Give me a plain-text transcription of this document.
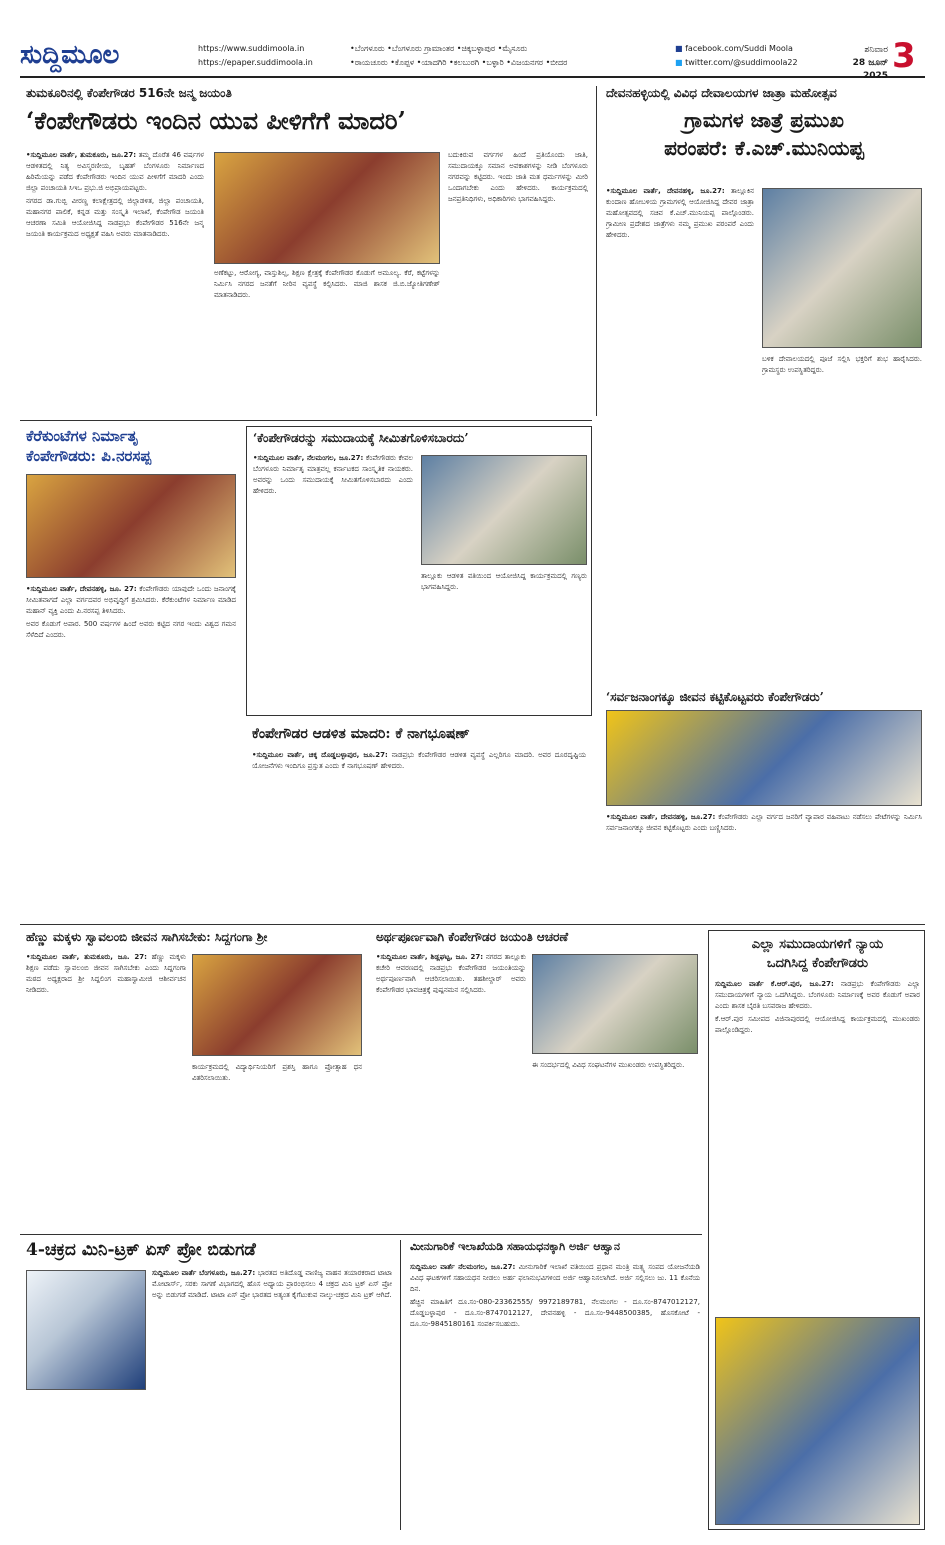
ಸುದ್ದಿಮೂಲ	https://www.suddimoola.in
https://epaper.suddimoola.in
•ಬೆಂಗಳೂರು •ಬೆಂಗಳೂರು ಗ್ರಾಮಾಂತರ •ಚಿಕ್ಕಬಳ್ಳಾಪುರ •ಮೈಸೂರು
•ರಾಯಚೂರು •ಕೊಪ್ಪಳ •ಯಾದಗಿರಿ •ಕಲಬುರಗಿ •ಬಳ್ಳಾರಿ •ವಿಜಯನಗರ •ಬೀದರ
■ facebook.com/Suddi Moola
■ twitter.com/@suddimoola22
ಶನಿವಾರ
28 ಜೂನ್ 2025 3
ತುಮಕೂರಿನಲ್ಲಿ ಕೆಂಪೇಗೌಡರ 516ನೇ ಜನ್ಮ ಜಯಂತಿ
‘ಕೆಂಪೇಗೌಡರು ಇಂದಿನ ಯುವ ಪೀಳಿಗೆಗೆ ಮಾದರಿ’

•ಸುದ್ದಿಮೂಲ ವಾರ್ತೆ, ತುಮಕೂರು, ಜೂ.27: ತಮ್ಮ ದೊರೆತ 46 ವರ್ಷಗಳ ಆಡಳಿತದಲ್ಲಿ ನಿತ್ಯ ಅವಿಸ್ಮರಣೀಯ, ಬೃಹತ್ ಬೆಂಗಳೂರು ನಿರ್ಮಾಣದ ಹಿರಿಮೆಯನ್ನು ಪಡೆದ ಕೆಂಪೇಗೌಡರು ಇಂದಿನ ಯುವ ಪೀಳಿಗೆಗೆ ಮಾದರಿ ಎಂದು ಜಿಲ್ಲಾ ಪಂಚಾಯತಿ ಸಿಇಒ ಪ್ರಭು.ಜಿ ಅಭಿಪ್ರಾಯಪಟ್ಟರು.

ನಗರದ ಡಾ.ಗುಬ್ಬಿ ವೀರಣ್ಣ ಕಲಾಕ್ಷೇತ್ರದಲ್ಲಿ ಜಿಲ್ಲಾಡಳಿತ, ಜಿಲ್ಲಾ ಪಂಚಾಯತಿ, ಮಹಾನಗರ ಪಾಲಿಕೆ, ಕನ್ನಡ ಮತ್ತು ಸಂಸ್ಕೃತಿ ಇಲಾಖೆ, ಕೆಂಪೇಗೌಡ ಜಯಂತಿ ಆಚರಣಾ ಸಮಿತಿ ಆಯೋಜಿಸಿದ್ದ ನಾಡಪ್ರಭು ಕೆಂಪೇಗೌಡರ 516ನೇ ಜನ್ಮ ಜಯಂತಿ ಕಾರ್ಯಕ್ರಮದ ಅಧ್ಯಕ್ಷತೆ ವಹಿಸಿ ಅವರು ಮಾತನಾಡಿದರು.

ಅಣೆಕಟ್ಟು, ಆರೋಗ್ಯ, ವಾಸ್ತುಶಿಲ್ಪ, ಶಿಕ್ಷಣ ಕ್ಷೇತ್ರಕ್ಕೆ ಕೆಂಪೇಗೌಡರ ಕೊಡುಗೆ ಅಮೂಲ್ಯ. ಕೆರೆ, ಕಟ್ಟೆಗಳನ್ನು ನಿರ್ಮಿಸಿ ನಗರದ ಜನತೆಗೆ ನೀರಿನ ವ್ಯವಸ್ಥೆ ಕಲ್ಪಿಸಿದರು. ಮಾಜಿ ಶಾಸಕ ಜಿ.ಬಿ.ಜ್ಯೋತಿಗಣೇಶ್ ಮಾತನಾಡಿದರು.

ಬದುಕಿರುವ ವರ್ಗಗಳ ಹಿಂದೆ ಪ್ರತಿಯೊಂದು ಜಾತಿ, ಸಮುದಾಯಕ್ಕೂ ಸಮಾನ ಅವಕಾಶಗಳನ್ನು ನೀಡಿ ಬೆಂಗಳೂರು ನಗರವನ್ನು ಕಟ್ಟಿದರು. ಇಂದು ಜಾತಿ ಮತ ಧರ್ಮಗಳನ್ನು ಮೀರಿ ಒಂದಾಗಬೇಕು ಎಂದು ಹೇಳಿದರು. ಕಾರ್ಯಕ್ರಮದಲ್ಲಿ ಜನಪ್ರತಿನಿಧಿಗಳು, ಅಧಿಕಾರಿಗಳು ಭಾಗವಹಿಸಿದ್ದರು.

ದೇವನಹಳ್ಳಿಯಲ್ಲಿ ವಿವಿಧ ದೇವಾಲಯಗಳ ಜಾತ್ರಾ ಮಹೋತ್ಸವ
ಗ್ರಾಮಗಳ ಜಾತ್ರೆ ಪ್ರಮುಖ
ಪರಂಪರೆ: ಕೆ.ಎಚ್.ಮುನಿಯಪ್ಪ

•ಸುದ್ದಿಮೂಲ ವಾರ್ತೆ, ದೇವನಹಳ್ಳಿ, ಜೂ.27: ತಾಲ್ಲೂಕಿನ ಕುಂದಾಣ ಹೋಬಳಿಯ ಗ್ರಾಮಗಳಲ್ಲಿ ಆಯೋಜಿಸಿದ್ದ ದೇವರ ಜಾತ್ರಾ ಮಹೋತ್ಸವದಲ್ಲಿ ಸಚಿವ ಕೆ.ಎಚ್.ಮುನಿಯಪ್ಪ ಪಾಲ್ಗೊಂಡರು. ಗ್ರಾಮೀಣ ಪ್ರದೇಶದ ಜಾತ್ರೆಗಳು ನಮ್ಮ ಪ್ರಮುಖ ಪರಂಪರೆ ಎಂದು ಹೇಳಿದರು.

ಬಳಿಕ ದೇವಾಲಯದಲ್ಲಿ ಪೂಜೆ ಸಲ್ಲಿಸಿ ಭಕ್ತರಿಗೆ ಶುಭ ಹಾರೈಸಿದರು. ಗ್ರಾಮಸ್ಥರು ಉಪಸ್ಥಿತರಿದ್ದರು.

ಕೆರೆಕುಂಟೆಗಳ ನಿರ್ಮಾತೃ
ಕೆಂಪೇಗೌಡರು: ಪಿ.ನರಸಪ್ಪ

•ಸುದ್ದಿಮೂಲ ವಾರ್ತೆ, ದೇವನಹಳ್ಳಿ, ಜೂ. 27: ಕೆಂಪೇಗೌಡರು ಯಾವುದೇ ಒಂದು ಜನಾಂಗಕ್ಕೆ ಸೀಮಿತವಾಗದೆ ಎಲ್ಲಾ ವರ್ಗದವರ ಅಭಿವೃದ್ಧಿಗೆ ಶ್ರಮಿಸಿದರು. ಕೆರೆಕುಂಟೆಗಳ ನಿರ್ಮಾಣ ಮಾಡಿದ ಮಹಾನ್ ವ್ಯಕ್ತಿ ಎಂದು ಪಿ.ನರಸಪ್ಪ ತಿಳಿಸಿದರು.

ಅವರ ಕೊಡುಗೆ ಅಪಾರ. 500 ವರ್ಷಗಳ ಹಿಂದೆ ಅವರು ಕಟ್ಟಿದ ನಗರ ಇಂದು ವಿಶ್ವದ ಗಮನ ಸೆಳೆದಿದೆ ಎಂದರು.

‘ಕೆಂಪೇಗೌಡರನ್ನು ಸಮುದಾಯಕ್ಕೆ ಸೀಮಿತಗೊಳಿಸಬಾರದು’

•ಸುದ್ದಿಮೂಲ ವಾರ್ತೆ, ನೆಲಮಂಗಲ, ಜೂ.27: ಕೆಂಪೇಗೌಡರು ಕೇವಲ ಬೆಂಗಳೂರು ನಿರ್ಮಾತೃ ಮಾತ್ರವಲ್ಲ ಕರ್ನಾಟಕದ ಸಾಂಸ್ಕೃತಿಕ ನಾಯಕರು. ಅವರನ್ನು ಒಂದು ಸಮುದಾಯಕ್ಕೆ ಸೀಮಿತಗೊಳಿಸಬಾರದು ಎಂದು ಹೇಳಿದರು.

ತಾಲ್ಲೂಕು ಆಡಳಿತ ವತಿಯಿಂದ ಆಯೋಜಿಸಿದ್ದ ಕಾರ್ಯಕ್ರಮದಲ್ಲಿ ಗಣ್ಯರು ಭಾಗವಹಿಸಿದ್ದರು.

ಕೆಂಪೇಗೌಡರ ಆಡಳಿತ ಮಾದರಿ: ಕೆ ನಾಗಭೂಷಣ್

•ಸುದ್ದಿಮೂಲ ವಾರ್ತೆ, ಚಿಕ್ಕ ದೊಡ್ಡಬಳ್ಳಾಪುರ, ಜೂ.27: ನಾಡಪ್ರಭು ಕೆಂಪೇಗೌಡರ ಆಡಳಿತ ವ್ಯವಸ್ಥೆ ಎಲ್ಲರಿಗೂ ಮಾದರಿ. ಅವರ ದೂರದೃಷ್ಟಿಯ ಯೋಜನೆಗಳು ಇಂದಿಗೂ ಪ್ರಸ್ತುತ ಎಂದು ಕೆ ನಾಗಭೂಷಣ್ ಹೇಳಿದರು.

‘ಸರ್ವಜನಾಂಗಕ್ಕೂ ಜೀವನ ಕಟ್ಟಿಕೊಟ್ಟವರು ಕೆಂಪೇಗೌಡರು’

•ಸುದ್ದಿಮೂಲ ವಾರ್ತೆ, ದೇವನಹಳ್ಳಿ, ಜೂ.27: ಕೆಂಪೇಗೌಡರು ಎಲ್ಲಾ ವರ್ಗದ ಜನರಿಗೆ ವ್ಯಾಪಾರ ವಹಿವಾಟು ನಡೆಸಲು ಪೇಟೆಗಳನ್ನು ನಿರ್ಮಿಸಿ ಸರ್ವಜನಾಂಗಕ್ಕೂ ಜೀವನ ಕಟ್ಟಿಕೊಟ್ಟರು ಎಂದು ಬಣ್ಣಿಸಿದರು.

ಹೆಣ್ಣು ಮಕ್ಕಳು ಸ್ವಾವಲಂಬಿ ಜೀವನ ಸಾಗಿಸಬೇಕು: ಸಿದ್ದಗಂಗಾ ಶ್ರೀ

•ಸುದ್ದಿಮೂಲ ವಾರ್ತೆ, ತುಮಕೂರು, ಜೂ. 27: ಹೆಣ್ಣು ಮಕ್ಕಳು ಶಿಕ್ಷಣ ಪಡೆದು ಸ್ವಾವಲಂಬಿ ಜೀವನ ಸಾಗಿಸಬೇಕು ಎಂದು ಸಿದ್ದಗಂಗಾ ಮಠದ ಅಧ್ಯಕ್ಷರಾದ ಶ್ರೀ ಸಿದ್ದಲಿಂಗ ಮಹಾಸ್ವಾಮೀಜಿ ಆಶೀರ್ವಚನ ನೀಡಿದರು.

ಕಾರ್ಯಕ್ರಮದಲ್ಲಿ ವಿದ್ಯಾರ್ಥಿನಿಯರಿಗೆ ಪ್ರಶಸ್ತಿ ಹಾಗೂ ಪ್ರೋತ್ಸಾಹ ಧನ ವಿತರಿಸಲಾಯಿತು.

ಅರ್ಥಪೂರ್ಣವಾಗಿ ಕೆಂಪೇಗೌಡರ ಜಯಂತಿ ಆಚರಣೆ

•ಸುದ್ದಿಮೂಲ ವಾರ್ತೆ, ಶಿಡ್ಲಘಟ್ಟ, ಜೂ. 27: ನಗರದ ತಾಲ್ಲೂಕು ಕಚೇರಿ ಆವರಣದಲ್ಲಿ ನಾಡಪ್ರಭು ಕೆಂಪೇಗೌಡರ ಜಯಂತಿಯನ್ನು ಅರ್ಥಪೂರ್ಣವಾಗಿ ಆಚರಿಸಲಾಯಿತು. ತಹಶೀಲ್ದಾರ್ ಅವರು ಕೆಂಪೇಗೌಡರ ಭಾವಚಿತ್ರಕ್ಕೆ ಪುಷ್ಪನಮನ ಸಲ್ಲಿಸಿದರು.

ಈ ಸಂದರ್ಭದಲ್ಲಿ ವಿವಿಧ ಸಂಘಟನೆಗಳ ಮುಖಂಡರು ಉಪಸ್ಥಿತರಿದ್ದರು.

ಎಲ್ಲಾ ಸಮುದಾಯಗಳಿಗೆ ನ್ಯಾಯ
ಒದಗಿಸಿದ್ದ ಕೆಂಪೇಗೌಡರು

ಸುದ್ದಿಮೂಲ ವಾರ್ತೆ ಕೆ.ಆರ್.ಪುರ, ಜೂ.27: ನಾಡಪ್ರಭು ಕೆಂಪೇಗೌಡರು ಎಲ್ಲಾ ಸಮುದಾಯಗಳಿಗೆ ನ್ಯಾಯ ಒದಗಿಸಿದ್ದರು. ಬೆಂಗಳೂರು ನಿರ್ಮಾಣಕ್ಕೆ ಅವರ ಕೊಡುಗೆ ಅಪಾರ ಎಂದು ಶಾಸಕ ಬೈರತಿ ಬಸವರಾಜ ಹೇಳಿದರು.

ಕೆ.ಆರ್.ಪುರ ಸಮೀಪದ ವಿಜಿನಾಪುರದಲ್ಲಿ ಆಯೋಜಿಸಿದ್ದ ಕಾರ್ಯಕ್ರಮದಲ್ಲಿ ಮುಖಂಡರು ಪಾಲ್ಗೊಂಡಿದ್ದರು.

4-ಚಕ್ರದ ಮಿನಿ-ಟ್ರಕ್ ಏಸ್ ಪ್ರೋ ಬಿಡುಗಡೆ

ಸುದ್ದಿಮೂಲ ವಾರ್ತೆ ಬೆಂಗಳೂರು, ಜೂ.27: ಭಾರತದ ಅತಿದೊಡ್ಡ ವಾಣಿಜ್ಯ ವಾಹನ ತಯಾರಕರಾದ ಟಾಟಾ ಮೋಟಾರ್ಸ್, ಸರಕು ಸಾಗಣೆ ವಿಭಾಗದಲ್ಲಿ ಹೊಸ ಅಧ್ಯಾಯ ಪ್ರಾರಂಭಿಸಲು 4 ಚಕ್ರದ ಮಿನಿ ಟ್ರಕ್ ಏಸ್ ಪ್ರೋ ಅನ್ನು ಬಿಡುಗಡೆ ಮಾಡಿದೆ. ಟಾಟಾ ಏಸ್ ಪ್ರೋ ಭಾರತದ ಅತ್ಯಂತ ಕೈಗೆಟುಕುವ ನಾಲ್ಕು-ಚಕ್ರದ ಮಿನಿ ಟ್ರಕ್ ಆಗಿದೆ.

ಮೀನುಗಾರಿಕೆ ಇಲಾಖೆಯಡಿ ಸಹಾಯಧನಕ್ಕಾಗಿ ಅರ್ಜಿ ಆಹ್ವಾನ

ಸುದ್ದಿಮೂಲ ವಾರ್ತೆ ನೆಲಮಂಗಲ, ಜೂ.27: ಮೀನುಗಾರಿಕೆ ಇಲಾಖೆ ವತಿಯಿಂದ ಪ್ರಧಾನ ಮಂತ್ರಿ ಮತ್ಸ್ಯ ಸಂಪದ ಯೋಜನೆಯಡಿ ವಿವಿಧ ಘಟಕಗಳಿಗೆ ಸಹಾಯಧನ ನೀಡಲು ಅರ್ಹ ಫಲಾನುಭವಿಗಳಿಂದ ಅರ್ಜಿ ಆಹ್ವಾನಿಸಲಾಗಿದೆ. ಅರ್ಜಿ ಸಲ್ಲಿಸಲು ಜು. 11 ಕೊನೆಯ ದಿನ.

ಹೆಚ್ಚಿನ ಮಾಹಿತಿಗೆ ದೂ.ಸಂ-080-23362555/ 9972189781, ನೆಲಮಂಗಲ - ದೂ.ಸಂ-8747012127, ದೊಡ್ಡಬಳ್ಳಾಪುರ - ದೂ.ಸಂ-8747012127, ದೇವನಹಳ್ಳಿ - ದೂ.ಸಂ-9448500385, ಹೊಸಕೋಟೆ - ದೂ.ಸಂ-9845180161 ಸಂಪರ್ಕಿಸಬಹುದು.
